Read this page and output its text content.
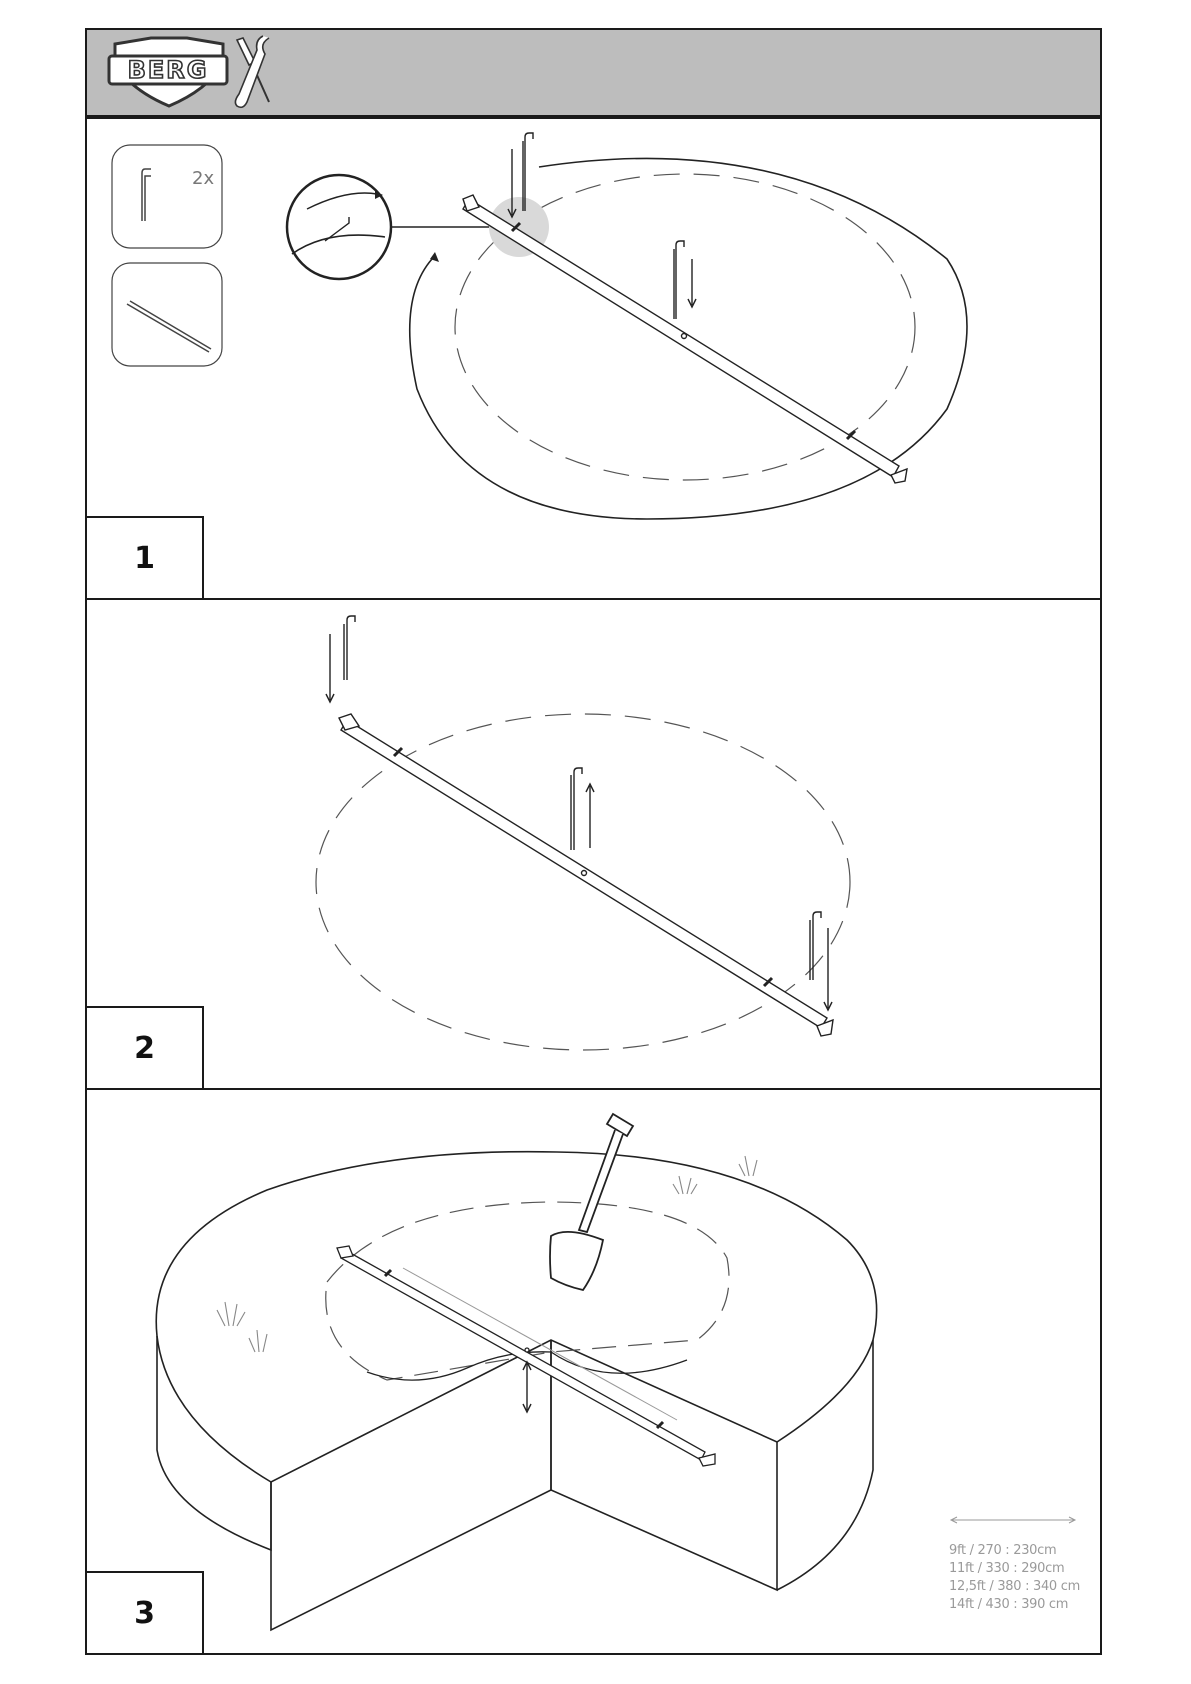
BERG
2x
1
2
9ft / 270 : 230cm
11ft / 330 : 290cm
12,5ft / 380 : 340 cm
14ft / 430 : 390 cm
3
